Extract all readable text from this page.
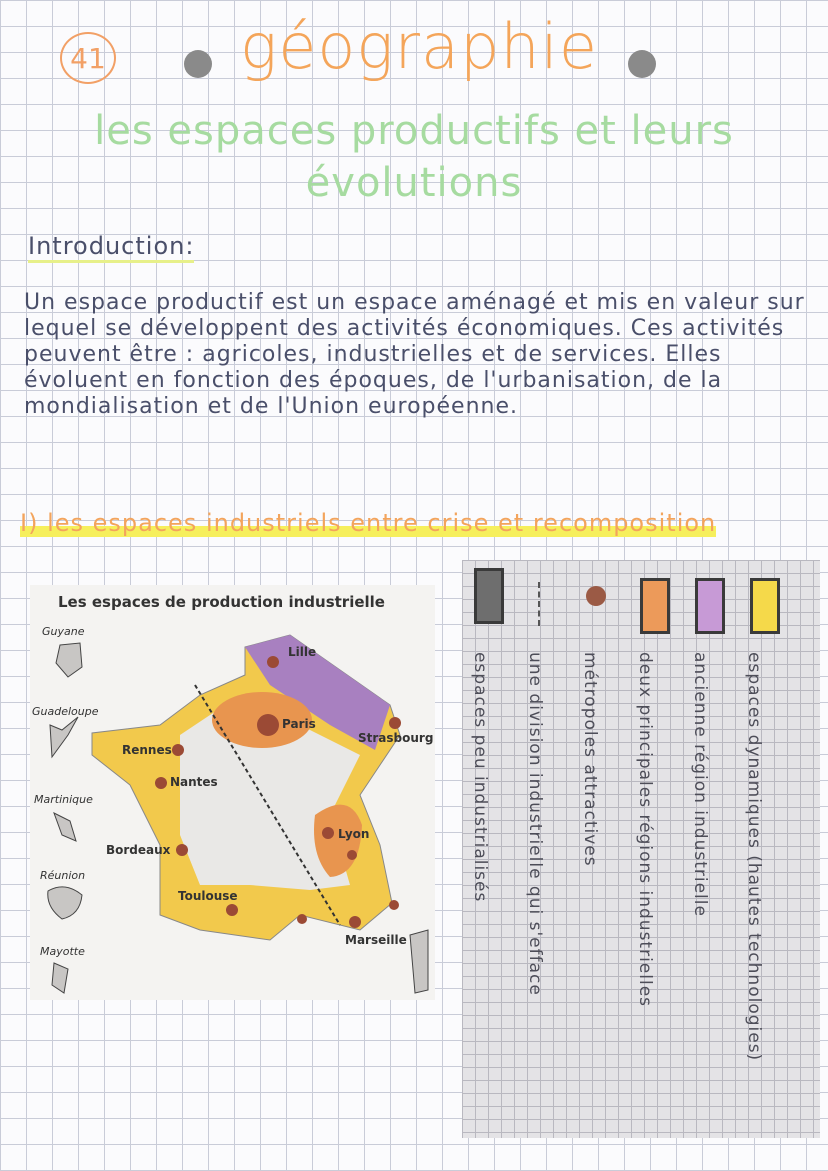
41 géographie
les espaces productifs et leurs
évolutions
Introduction:
Un espace productif est un espace aménagé et mis en valeur sur lequel se développent des activités économiques. Ces activités peuvent être : agricoles, industrielles et de services. Elles évoluent en fonction des époques, de l'urbanisation, de la mondialisation et de l'Union européenne.
I) les espaces industriels entre crise et recomposition
Les espaces de production industrielle
Guyane
Guadeloupe
Martinique
Réunion
Mayotte
Lille
Paris
Strasbourg
Rennes
Nantes
Lyon
Bordeaux
Toulouse
Marseille	espaces dynamiques (hautes technologies)
ancienne région industrielle
deux principales régions industrielles
métropoles attractives
une division industrielle qui s'efface
espaces peu industrialisés
